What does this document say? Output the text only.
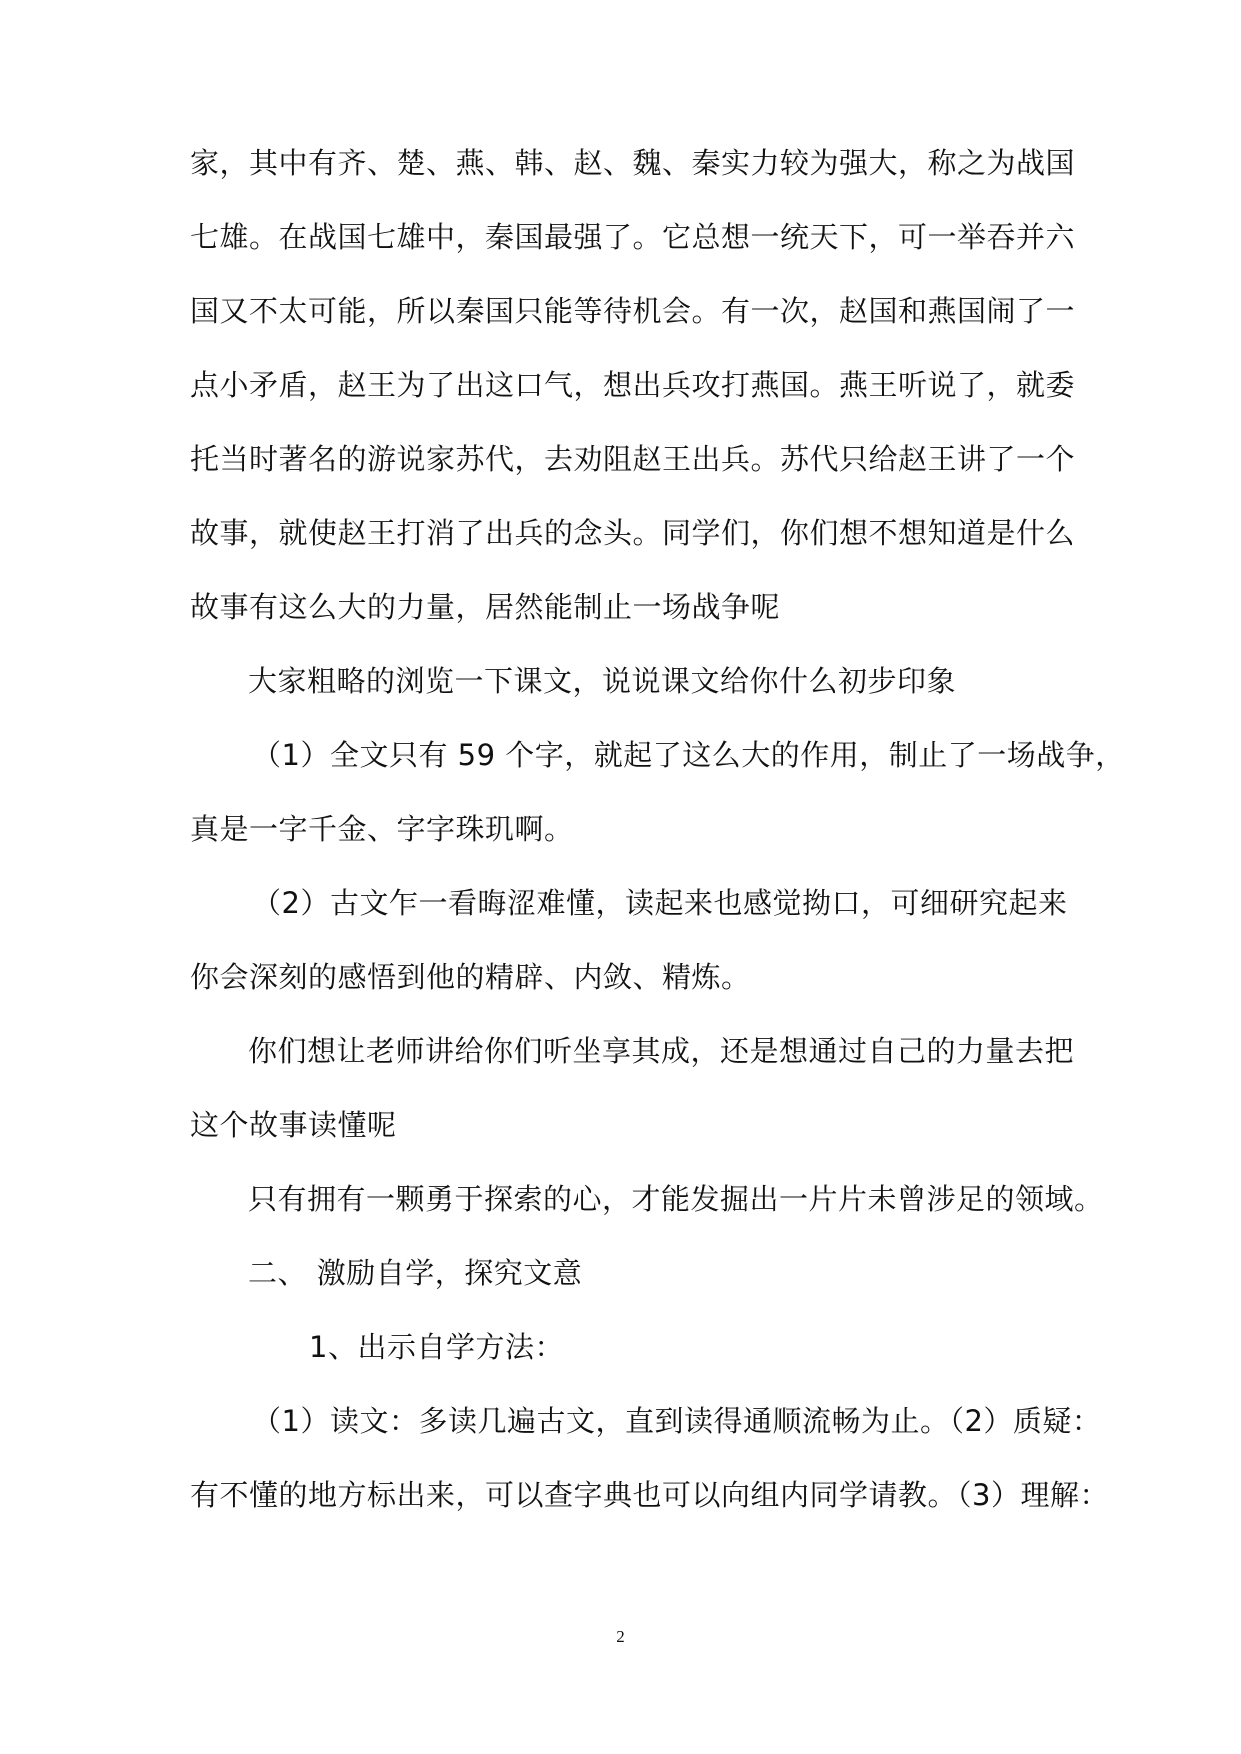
家，其中有齐、楚、燕、韩、赵、魏、秦实力较为强大，称之为战国
七雄。在战国七雄中，秦国最强了。它总想一统天下，可一举吞并六
国又不太可能，所以秦国只能等待机会。有一次，赵国和燕国闹了一
点小矛盾，赵王为了出这口气，想出兵攻打燕国。燕王听说了，就委
托当时著名的游说家苏代，去劝阻赵王出兵。苏代只给赵王讲了一个
故事，就使赵王打消了出兵的念头。同学们，你们想不想知道是什么
故事有这么大的力量，居然能制止一场战争呢
大家粗略的浏览一下课文，说说课文给你什么初步印象
（1）全文只有 59 个字，就起了这么大的作用，制止了一场战争，
真是一字千金、字字珠玑啊。
（2）古文乍一看晦涩难懂，读起来也感觉拗口，可细研究起来
你会深刻的感悟到他的精辟、内敛、精炼。
你们想让老师讲给你们听坐享其成，还是想通过自己的力量去把
这个故事读懂呢
只有拥有一颗勇于探索的心，才能发掘出一片片未曾涉足的领域。
二、 激励自学，探究文意
1、出示自学方法：
（1）读文：多读几遍古文，直到读得通顺流畅为止。（2）质疑：
有不懂的地方标出来，可以查字典也可以向组内同学请教。（3）理解：
2
